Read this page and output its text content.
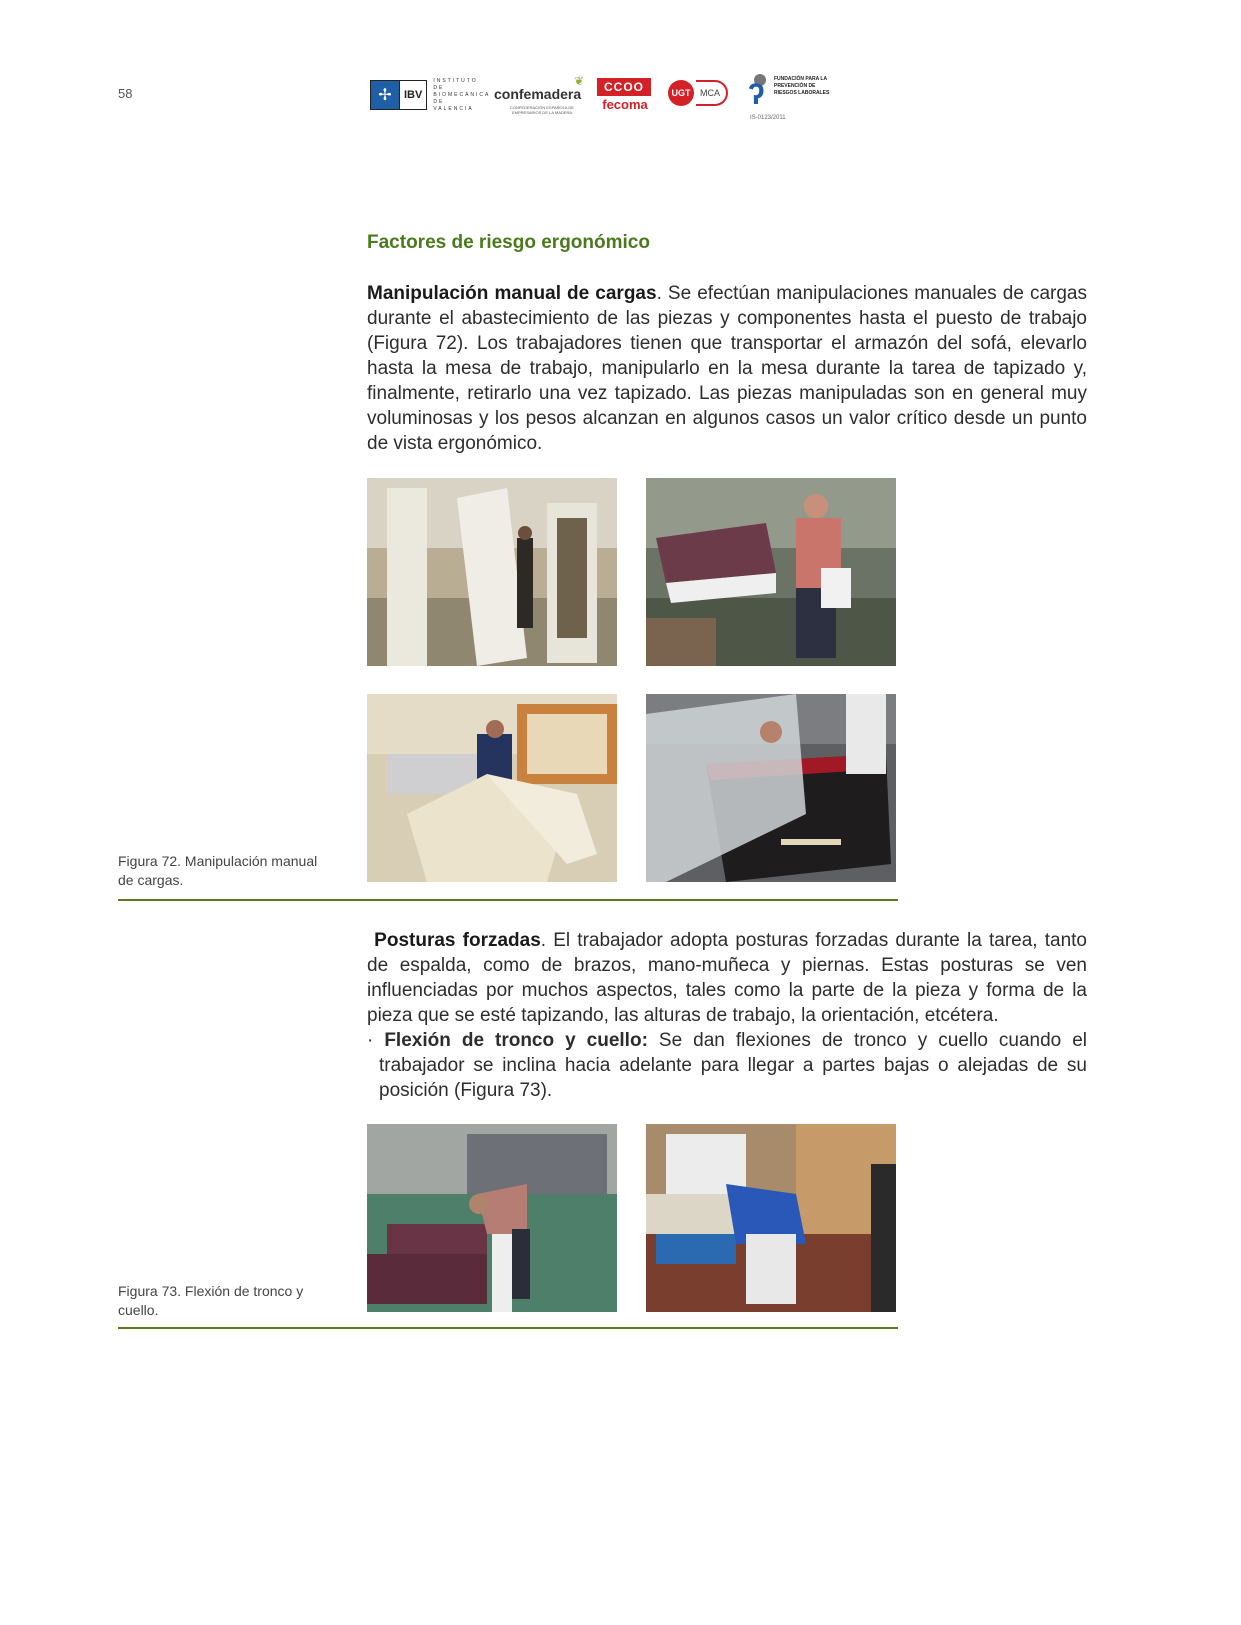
58	✢	IBV
INSTITUTO DE BIOMECÁNICA DE VALENCIA
❦
confemadera
CONFEDERACIÓN ESPAÑOLA DE EMPRESARIOS DE LA MADERA
CCOO
fecoma
UGT	MCA ʔ FUNDACIÓN PARA LA PREVENCIÓN DE RIESGOS LABORALES
IS-0123/2011
Factores de riesgo ergonómico

Manipulación manual de cargas. Se efectúan manipulaciones manuales de cargas durante el abastecimiento de las piezas y componentes hasta el puesto de trabajo (Figura 72). Los trabajadores tienen que transportar el armazón del sofá, elevarlo hasta la mesa de trabajo, manipularlo en la mesa durante la tarea de tapizado y, finalmente, retirarlo una vez tapizado. Las piezas manipuladas son en general muy voluminosas y los pesos alcanzan en algunos casos un valor crítico desde un punto de vista ergonómico.

Figura 72. Manipulación manual de cargas.

Posturas forzadas. El trabajador adopta posturas forzadas durante la tarea, tanto de espalda, como de brazos, mano-muñeca y piernas. Estas posturas se ven influenciadas por muchos aspectos, tales como la parte de la pieza y forma de la pieza que se esté tapizando, las alturas de trabajo, la orientación, etcétera.

· Flexión de tronco y cuello: Se dan flexiones de tronco y cuello cuando el trabajador se inclina hacia adelante para llegar a partes bajas o alejadas de su posición (Figura 73).

Figura 73. Flexión de tronco y cuello.
